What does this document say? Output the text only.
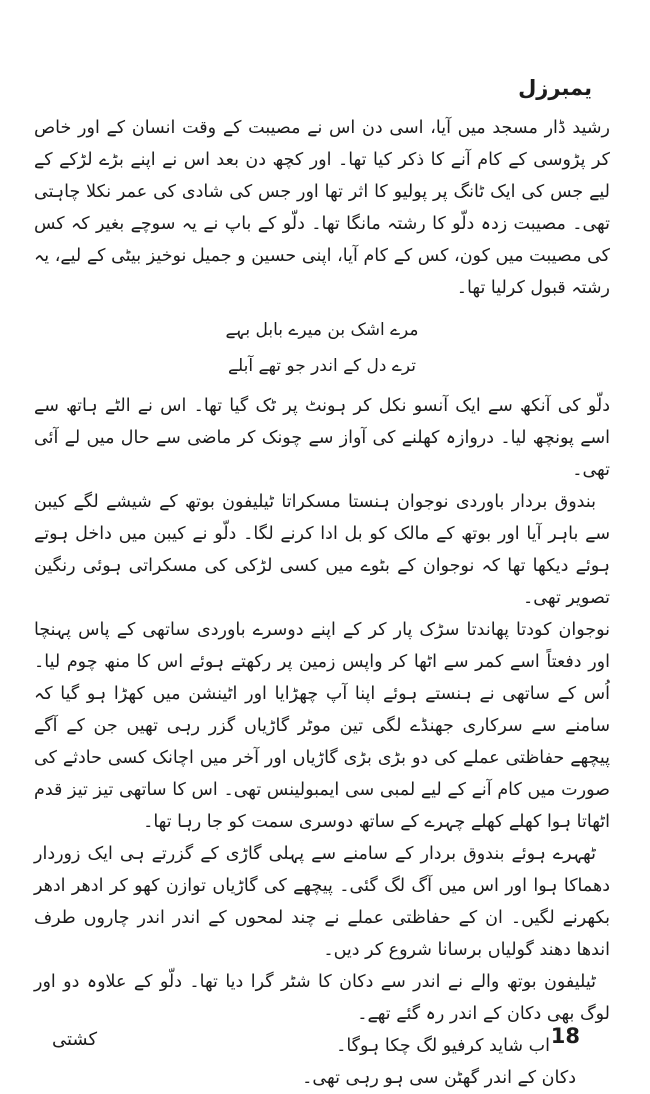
یمبرزل

رشید ڈار مسجد میں آیا، اسی دن اس نے مصیبت کے وقت انسان کے اور خاص کر پڑوسی کے کام آنے کا ذکر کیا تھا۔ اور کچھ دن بعد اس نے اپنے بڑے لڑکے کے لیے جس کی ایک ٹانگ پر پولیو کا اثر تھا اور جس کی شادی کی عمر نکلا چاہتی تھی۔ مصیبت زدہ دلّو کا رشتہ مانگا تھا۔ دلّو کے باپ نے یہ سوچے بغیر کہ کس کی مصیبت میں کون، کس کے کام آیا، اپنی حسین و جمیل نوخیز بیٹی کے لیے، یہ رشتہ قبول کرلیا تھا۔

مرے اشک بن میرے بابل بہے
ترے دل کے اندر جو تھے آبلے

دلّو کی آنکھ سے ایک آنسو نکل کر ہونٹ پر ٹک گیا تھا۔ اس نے الٹے ہاتھ سے اسے پونچھ لیا۔ دروازہ کھلنے کی آواز سے چونک کر ماضی سے حال میں لے آئی تھی۔

بندوق بردار باوردی نوجوان ہنستا مسکراتا ٹیلیفون بوتھ کے شیشے لگے کیبن سے باہر آیا اور بوتھ کے مالک کو بل ادا کرنے لگا۔ دلّو نے کیبن میں داخل ہوتے ہوئے دیکھا تھا کہ نوجوان کے بٹوے میں کسی لڑکی کی مسکراتی ہوئی رنگین تصویر تھی۔

نوجوان کودتا پھاندتا سڑک پار کر کے اپنے دوسرے باوردی ساتھی کے پاس پہنچا اور دفعتاً اسے کمر سے اٹھا کر واپس زمین پر رکھتے ہوئے اس کا منھ چوم لیا۔ اُس کے ساتھی نے ہنستے ہوئے اپنا آپ چھڑایا اور اٹینشن میں کھڑا ہو گیا کہ سامنے سے سرکاری جھنڈے لگی تین موٹر گاڑیاں گزر رہی تھیں جن کے آگے پیچھے حفاظتی عملے کی دو بڑی بڑی گاڑیاں اور آخر میں اچانک کسی حادثے کی صورت میں کام آنے کے لیے لمبی سی ایمبولینس تھی۔ اس کا ساتھی تیز تیز قدم اٹھاتا ہوا کھلے کھلے چہرے کے ساتھ دوسری سمت کو جا رہا تھا۔

ٹھہرے ہوئے بندوق بردار کے سامنے سے پہلی گاڑی کے گزرتے ہی ایک زوردار دھماکا ہوا اور اس میں آگ لگ گئی۔ پیچھے کی گاڑیاں توازن کھو کر ادھر ادھر بکھرنے لگیں۔ ان کے حفاظتی عملے نے چند لمحوں کے اندر اندر چاروں طرف اندھا دھند گولیاں برسانا شروع کر دیں۔

ٹیلیفون بوتھ والے نے اندر سے دکان کا شٹر گرا دیا تھا۔ دلّو کے علاوہ دو اور لوگ بھی دکان کے اندر رہ گئے تھے۔

اب شاید کرفیو لگ چکا ہوگا۔

دکان کے اندر گھٹن سی ہو رہی تھی۔

18
کشتی
